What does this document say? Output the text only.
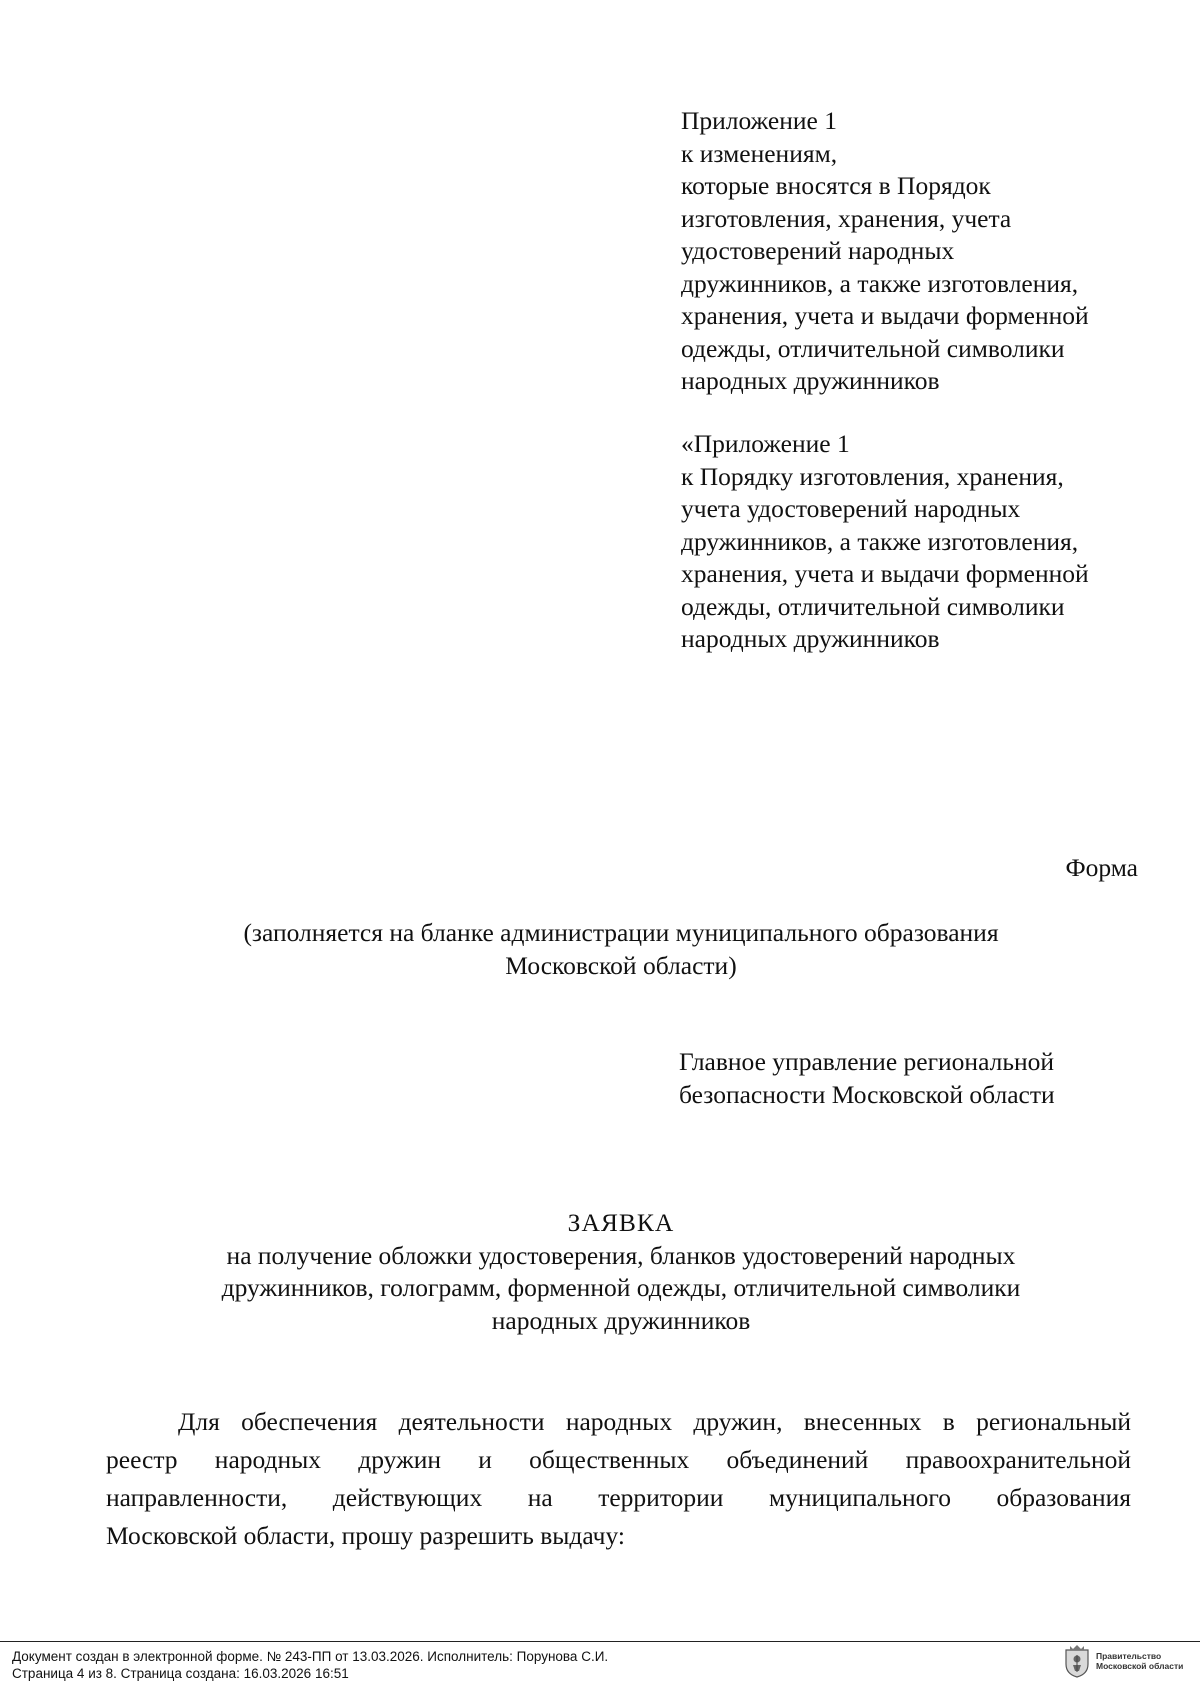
Приложение 1
к изменениям,
которые вносятся в Порядок
изготовления, хранения, учета
удостоверений народных
дружинников, а также изготовления,
хранения, учета и выдачи форменной
одежды, отличительной символики
народных дружинников
«Приложение 1
к Порядку изготовления, хранения,
учета удостоверений народных
дружинников, а также изготовления,
хранения, учета и выдачи форменной
одежды, отличительной символики
народных дружинников
Форма
(заполняется на бланке администрации муниципального образования
Московской области)
Главное управление региональной
безопасности Московской области
ЗАЯВКА
на получение обложки удостоверения, бланков удостоверений народных
дружинников, голограмм, форменной одежды, отличительной символики
народных дружинников
Для обеспечения деятельности народных дружин, внесенных в региональный
реестр народных дружин и общественных объединений правоохранительной
направленности, действующих на территории муниципального образования
Московской области, прошу разрешить выдачу:
Документ создан в электронной форме. № 243-ПП от 13.03.2026. Исполнитель: Порунова С.И.
Страница 4 из 8. Страница создана: 16.03.2026 16:51
Правительство
Московской области
